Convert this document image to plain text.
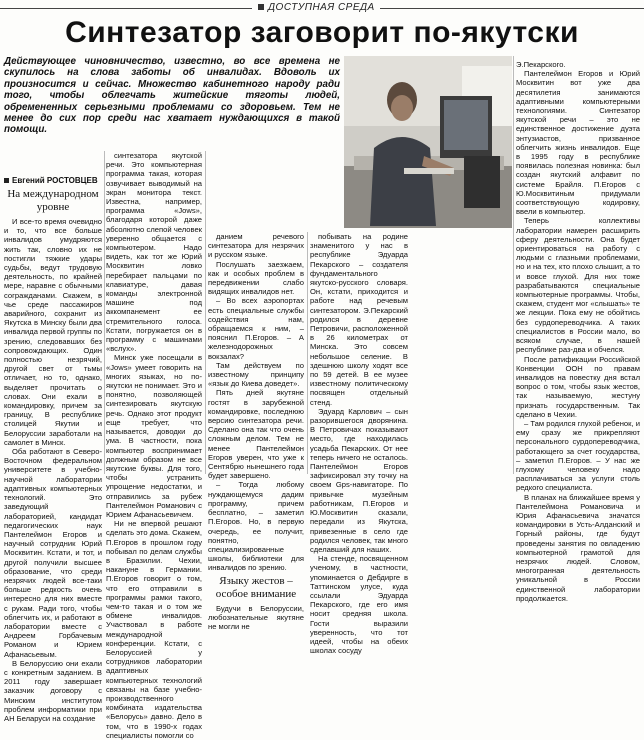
ДОСТУПНАЯ СРЕДА
Синтезатор заговорит по-якутски
Действующее чиновничество, известно, во все времена не скупилось на слова заботы об инвалидах. Вдоволь их произносится и сейчас. Множество кабинетного народу ради того, чтобы облегчать житейские тяготы людей, обремененных серьезными проблемами со здоровьем. Тем не менее до сих пор среди нас хватает нуждающихся в такой помощи.
Евгений РОСТОВЦЕВ
На международном уровне

И все-то время очевидно и то, что все больше инвалидов умудряются жить так, словно их не постигли тяжкие удары судьбы, ведут трудовую деятельность, по крайней мере, наравне с обычными согражданами. Скажем, в чье среде пассажиров аварийного, сохранит из Якутска в Минску были два инвалида первой группы по зрению, следовавших без сопровождающих. Один полностью незрячий, другой свет от тьмы отличает, но то, однако, выделяет прочитать о словах. Они ехали в командировку, причем за границу, В республике столицей Якутии и Белоруссии заработали на самолет в Минск.

Оба работают в Северо-Восточном федеральном университете в учебно-научной лаборатории адаптивных компьютерных технологий. Это заведующий лабораторией, кандидат педагогических наук Пантелеймон Егоров и научный сотрудник Юрий Москвитин. Кстати, и тот, и другой получили высшее образование, что среди незрячих людей все-таки больше редкость очень интересно для них вместе с рукам. Ради того, чтобы облегчить их, и работают в лаборатории вместе с Андреем Горбачевым Романом и Юрием Афанасьевым.

В Белоруссию они ехали с конкретным заданием. В 2011 году завершает заказчик договору с Минским институтом проблем информатики при АН Беларуси на создание

синтезатора якутской речи. Это компьютерная программа такая, которая озвучивает выводимый на экран монитора текст. Известна, например, программа «Jows», благодаря которой даже абсолютно слепой человек уверенно общается с компьютером. Надо видеть, как тот же Юрий Москвитин ловко перебирает пальцами по клавиатуре, давая команды электронной машине под аккомпанемент ее стремительного голоса. Кстати, погружается он в программу с машинами «вслух».

Минск уже посещали в «Jows» умеет говорить на многих языках, но по-якутски не понимает. Это и понятно, позволяющей синтезировать якутскую речь. Однако этот продукт еще требует, что называется, доводки до ума. В частности, пока компьютер воспринимает должным образом не все якутские буквы. Для того, чтобы устранить упрощение недостатки, и отправились за рубеж Пантелеймон Романович с Юрием Афанасьевичем.

Ни не впервой решают сделать это дома. Скажем, П.Егоров в прошлом году побывал по делам службы в Бразилии. Чехии, накануне в Германии. П.Егоров говорит о том, что его отправили в программы рамки такого, чем-то такая и о том же обмене инвалидов. Участвовал в работе международной конференции. Кстати, с Белоруссией у сотрудников лаборатории адаптивных компьютерных технологий связаны на базе учебно-производственного комбината издательства «Белорусь» давно. Дело в том, что в 1990-х годах специалисты помогли со

данием речевого синтезатора для незрячих и русском языке.

Послушать заезжаем, как и особых проблем в передвижении слабо видящих инвалидов нет.

– Во всех аэропортах есть специальные службы содействия нам, обращаемся к ним, – пояснил П.Егоров. – А железнодорожных вокзалах?

Там действуем по известному принципу «язык до Киева доведет».

Пять дней якутяне гостят в зарубежной командировке, последнюю версию синтезатора речи. Сделано она так что очень сложным делом. Тем не менее Пантелеймон Егоров уверен, что уже к Сентябрю нынешнего года будет завершено.

– Тогда любому нуждающемуся дадим программу, причем бесплатно, – заметил П.Егоров. Но, в первую очередь, ее получит, понятно, специализированные школы, библиотеки для инвалидов по зрению.

Языку жестов – особое внимание

Будучи в Белоруссии, любознательные якутяне не могли не

побывать на родине знаменитого у нас в республике Эдуарда Пекарского – создателя фундаментального якутско-русского словаря. Он, кстати, приходится и работе над речевым синтезатором. Э.Пекарский родился в деревне Петровичи, расположенной в 26 километрах от Минска. Это совсем небольшое селение. В здешнюю школу ходят все по 59 детей. В ее музее известному политическому посвящен отдельный стенд.

Эдуард Карлович – сын разорившегося дворянина. В Петровичах показывают место, где находилась усадьба Пекарских. От нее теперь ничего не осталось. Пантелеймон Егоров зафиксировал эту точку на своем Gps-навигаторе. По привычке музейным работникам, П.Егоров и Ю.Москвитин сказали, передали из Якутска, привезенные в село где родился человек, так много сделавший для наших.

На стенде, посвященном ученому, в частности, упоминается о Дебдирге в Таттинском улусе, куда ссылали Эдуарда Пекарского, где его имя носит средняя школа. Гости выразили уверенность, что тот идеей, чтобы на обеих школах сосуду

Э.Пекарского.

Пантелеймон Егоров и Юрий Москвитин вот уже два десятилетия занимаются адаптивными компьютерными технологиями. Синтезатор якутской речи – это не единственное достижение дуэта энтузиастов, призванное облегчить жизнь инвалидов. Еще в 1995 году в республике появилась полезная новинка: был создан якутский алфавит по системе Брайля. П.Егоров с Ю.Москвитиным придумали соответствующую кодировку, ввели в компьютер.

Теперь коллективы лаборатории намерен расширить сферу деятельности. Она будет ориентироваться на работу с людьми с глазными проблемами, но и на тех, кто плохо слышит, а то и вовсе глухой. Для них тоже разрабатываются специальные компьютерные программы. Чтобы, скажем, студент мог «слышать» те же лекции. Пока ему не обойтись без сурдопереводчика. А таких специалистов в России мало, во всяком случае, в нашей республике раз-два и обчелся.

После ратификации Российской Конвенции ООН по правам инвалидов на повестку дня встал вопрос о том, чтобы язык жестов, так называемую, жестуну признать государственным. Так сделано в Чехии.

– Там родился глухой ребенок, и ему сразу же прикрепляют персонального сурдопереводчика, работающего за счет государства, – заметил П.Егоров. – У нас же глухому человеку надо расплачиваться за услуги столь редкого специалиста.

В планах на ближайшее время у Пантелеймона Романовича и Юрия Афанасьевича значатся командировки в Усть-Алданский и Горный районы, где будут проведены занятия по овладению компьютерной грамотой для незрячих людей. Словом, многогранная деятельность уникальной в России единственной лаборатории продолжается.
